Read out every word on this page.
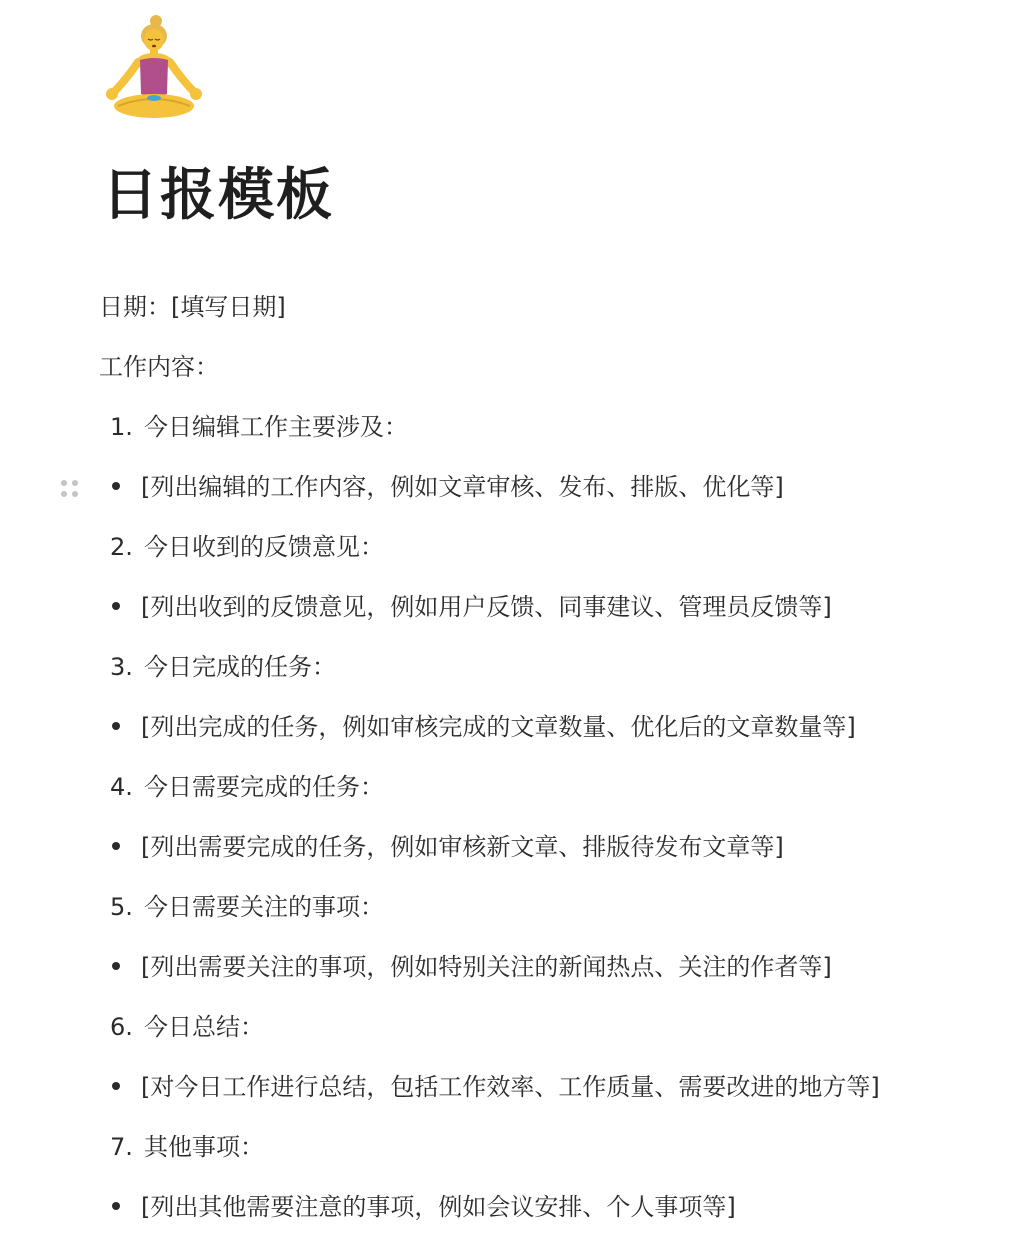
日报模板
日期：[填写日期]
工作内容：
1. 今日编辑工作主要涉及：
[列出编辑的工作内容，例如文章审核、发布、排版、优化等]
2. 今日收到的反馈意见：
[列出收到的反馈意见，例如用户反馈、同事建议、管理员反馈等]
3. 今日完成的任务：
[列出完成的任务，例如审核完成的文章数量、优化后的文章数量等]
4. 今日需要完成的任务：
[列出需要完成的任务，例如审核新文章、排版待发布文章等]
5. 今日需要关注的事项：
[列出需要关注的事项，例如特别关注的新闻热点、关注的作者等]
6. 今日总结：
[对今日工作进行总结，包括工作效率、工作质量、需要改进的地方等]
7. 其他事项：
[列出其他需要注意的事项，例如会议安排、个人事项等]
